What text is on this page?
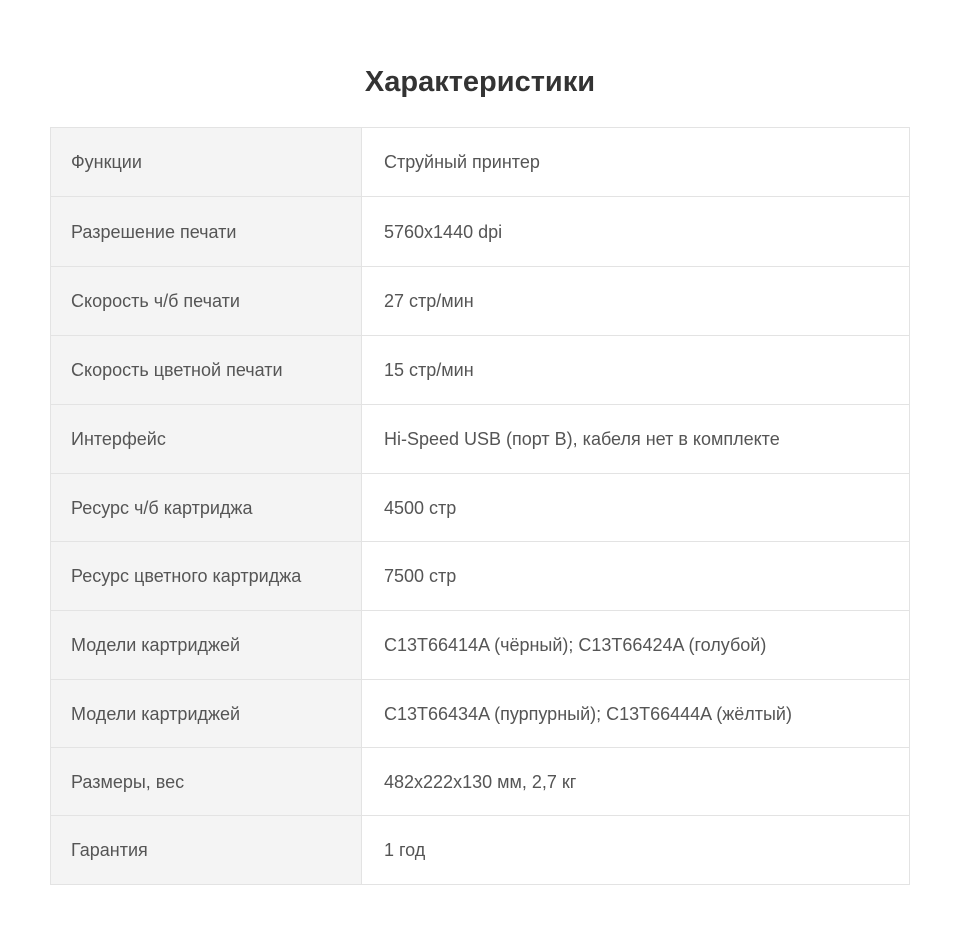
Характеристики
Функции	Струйный принтер
Разрешение печати	5760x1440 dpi
Скорость ч/б печати	27 стр/мин
Скорость цветной печати	15 стр/мин
Интерфейс	Hi-Speed USB (порт B), кабеля нет в комплекте
Ресурс ч/б картриджа	4500 стр
Ресурс цветного картриджа	7500 стр
Модели картриджей	C13T66414A (чёрный); C13T66424A (голубой)
Модели картриджей	C13T66434A (пурпурный); C13T66444A (жёлтый)
Размеры, вес	482x222x130 мм, 2,7 кг
Гарантия	1 год
